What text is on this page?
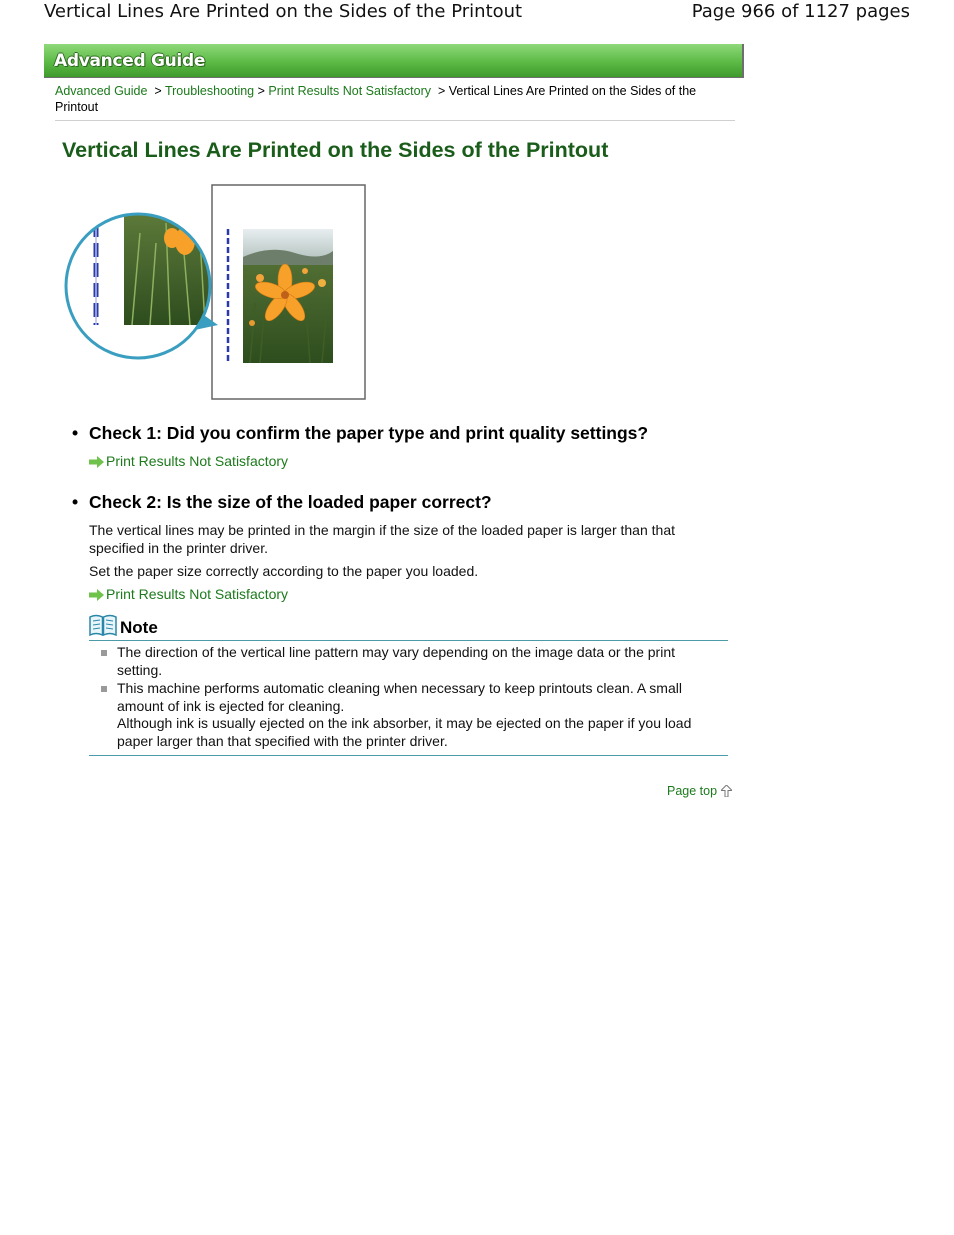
Vertical Lines Are Printed on the Sides of the Printout	Page 966 of 1127 pages
Advanced Guide
Advanced Guide > Troubleshooting > Print Results Not Satisfactory > Vertical Lines Are Printed on the Sides of the Printout
Vertical Lines Are Printed on the Sides of the Printout
• Check 1: Did you confirm the paper type and print quality settings?
Print Results Not Satisfactory
• Check 2: Is the size of the loaded paper correct?
The vertical lines may be printed in the margin if the size of the loaded paper is larger than that specified in the printer driver.
Set the paper size correctly according to the paper you loaded.
Print Results Not Satisfactory
Note
The direction of the vertical line pattern may vary depending on the image data or the print setting.
This machine performs automatic cleaning when necessary to keep printouts clean. A small amount of ink is ejected for cleaning.
Although ink is usually ejected on the ink absorber, it may be ejected on the paper if you load paper larger than that specified with the printer driver.
Page top
